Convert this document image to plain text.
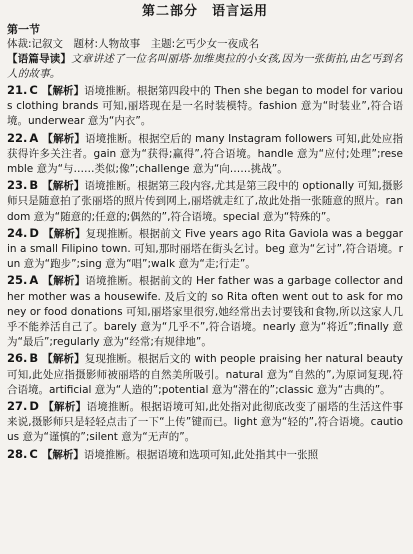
第二部分　语言运用
第一节
体裁:记叙文　题材:人物故事　主题:乞丐少女一夜成名
【语篇导读】文章讲述了一位名叫丽塔·加维奥拉的小女孩,因为一张街拍,由乞丐到名人的故事。
21. C 【解析】语境推断。根据第四段中的 Then she began to model for various clothing brands 可知,丽塔现在是一名时装模特。fashion 意为“时装业”,符合语境。underwear 意为“内衣”。
22. A 【解析】语境推断。根据空后的 many Instagram followers 可知,此处应指获得许多关注者。gain 意为“获得;赢得”,符合语境。handle 意为“应付;处理”;resemble 意为“与……类似;像”;challenge 意为“向……挑战”。
23. B 【解析】语境推断。根据第三段内容,尤其是第三段中的 optionally 可知,摄影师只是随意拍了张丽塔的照片传到网上,丽塔就走红了,故此处指一张随意的照片。random 意为“随意的;任意的;偶然的”,符合语境。special 意为“特殊的”。
24. D 【解析】复现推断。根据前文 Five years ago Rita Gaviola was a beggar in a small Filipino town. 可知,那时丽塔在街头乞讨。beg 意为“乞讨”,符合语境。run 意为“跑步”;sing 意为“唱”;walk 意为“走;行走”。
25. A 【解析】语境推断。根据前文的 Her father was a garbage collector and her mother was a housewife. 及后文的 so Rita often went out to ask for money or food donations 可知,丽塔家里很穷,她经常出去讨要钱和食物,所以这家人几乎不能养活自己了。barely 意为“几乎不”,符合语境。nearly 意为“将近”;finally 意为“最后”;regularly 意为“经常;有规律地”。
26. B 【解析】复现推断。根据后文的 with people praising her natural beauty 可知,此处应指摄影师被丽塔的自然美所吸引。natural 意为“自然的”,为原词复现,符合语境。artificial 意为“人造的”;potential 意为“潜在的”;classic 意为“古典的”。
27. D 【解析】语境推断。根据语境可知,此处指对此彻底改变了丽塔的生活这件事来说,摄影师只是轻轻点击了一下“上传”键而已。light 意为“轻的”,符合语境。cautious 意为“谨慎的”;silent 意为“无声的”。
28. C 【解析】语境推断。根据语境和选项可知,此处指其中一张照
